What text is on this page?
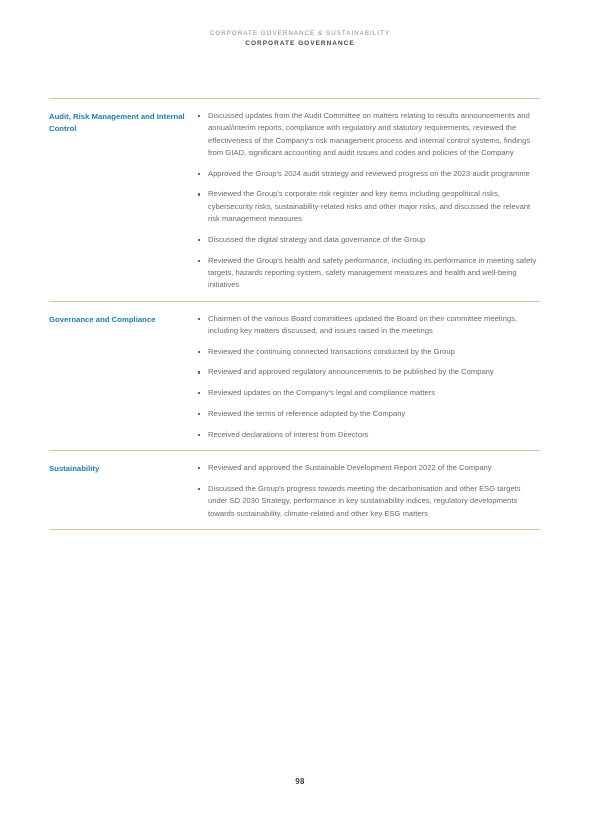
CORPORATE GOVERNANCE & SUSTAINABILITY
CORPORATE GOVERNANCE
Audit, Risk Management and Internal Control
Discussed updates from the Audit Committee on matters relating to results announcements and annual/interim reports, compliance with regulatory and statutory requirements, reviewed the effectiveness of the Company's risk management process and internal control systems, findings from GIAD, significant accounting and audit issues and codes and policies of the Company
Approved the Group's 2024 audit strategy and reviewed progress on the 2023 audit programme
Reviewed the Group's corporate risk register and key items including geopolitical risks, cybersecurity risks, sustainability-related risks and other major risks, and discussed the relevant risk management measures
Discussed the digital strategy and data governance of the Group
Reviewed the Group's health and safety performance, including its performance in meeting safety targets, hazards reporting system, safety management measures and health and well-being initiatives
Governance and Compliance	Chairmen of the various Board committees updated the Board on their committee meetings, including key matters discussed, and issues raised in the meetings
Reviewed the continuing connected transactions conducted by the Group
Reviewed and approved regulatory announcements to be published by the Company
Reviewed updates on the Company's legal and compliance matters
Reviewed the terms of reference adopted by the Company
Received declarations of interest from Directors
Sustainability	Reviewed and approved the Sustainable Development Report 2022 of the Company
Discussed the Group's progress towards meeting the decarbonisation and other ESG targets under SD 2030 Strategy, performance in key sustainability indices, regulatory developments towards sustainability, climate-related and other key ESG matters
98
